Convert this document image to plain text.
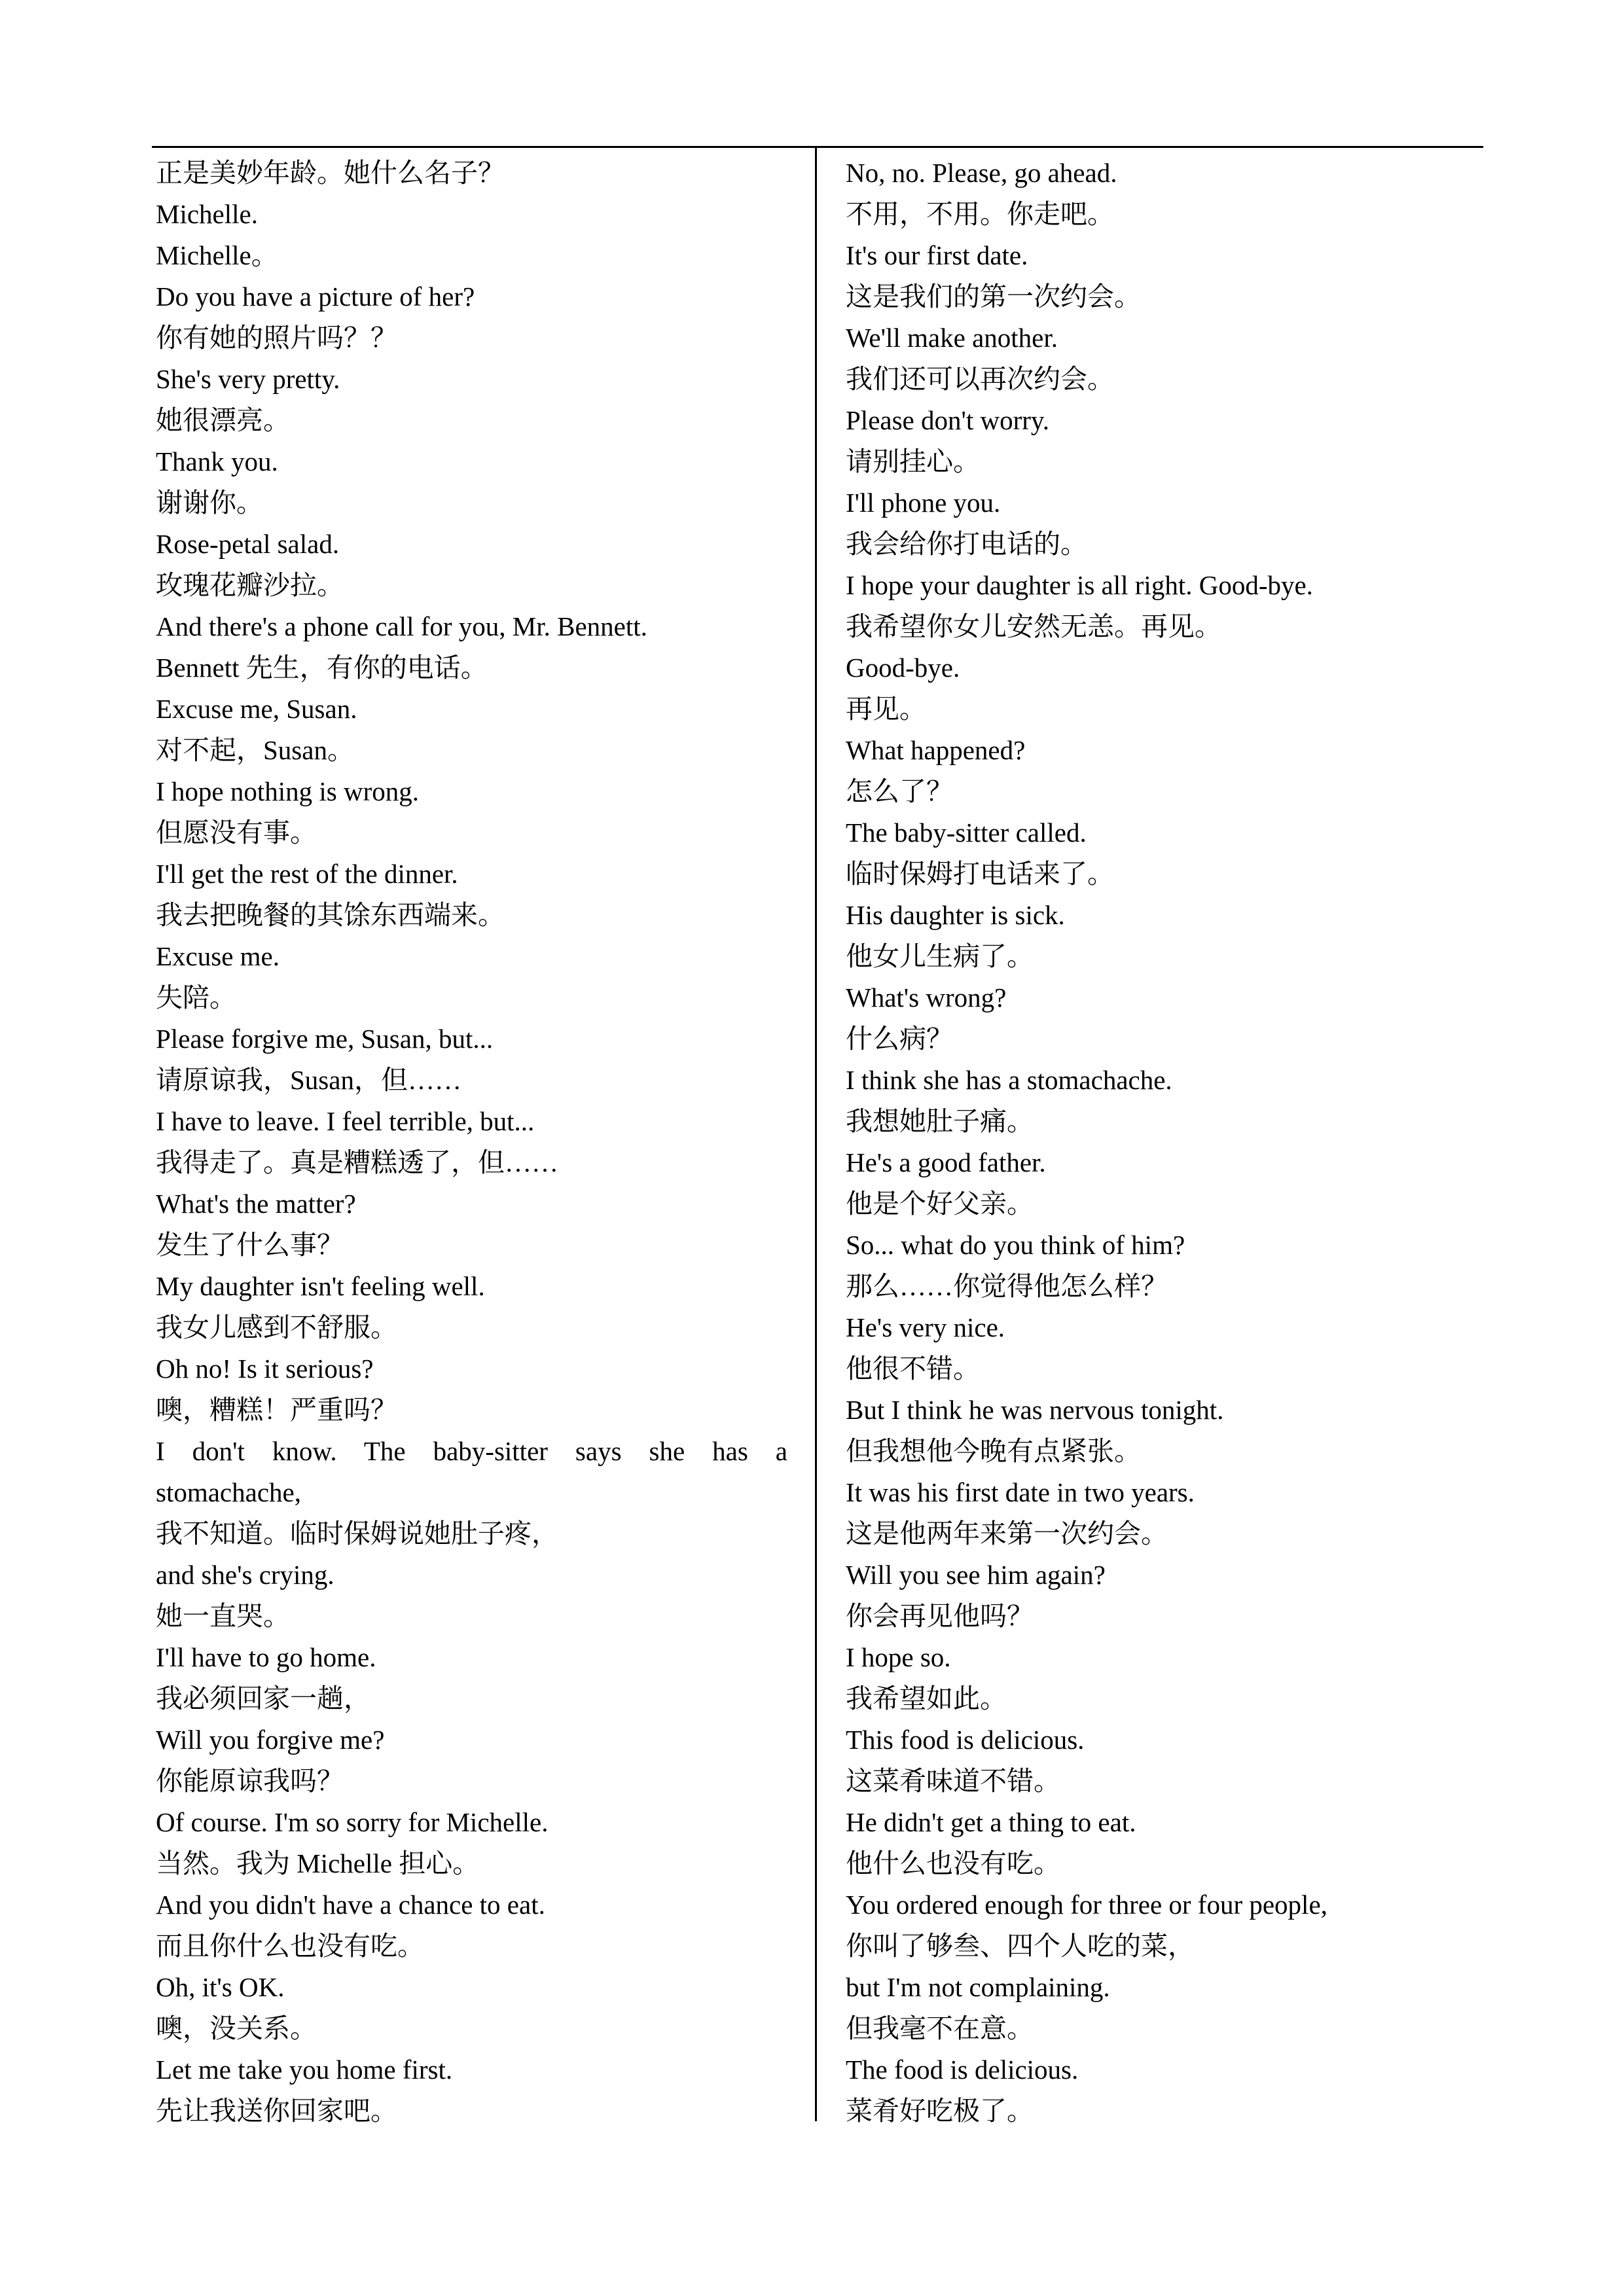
正是美妙年龄。她什么名子？
Michelle.
Michelle。
Do you have a picture of her?
你有她的照片吗？？
She's very pretty.
她很漂亮。
Thank you.
谢谢你。
Rose-petal salad.
玫瑰花瓣沙拉。
And there's a phone call for you, Mr. Bennett.
Bennett 先生，有你的电话。
Excuse me, Susan.
对不起，Susan。
I hope nothing is wrong.
但愿没有事。
I'll get the rest of the dinner.
我去把晚餐的其馀东西端来。
Excuse me.
失陪。
Please forgive me, Susan, but...
请原谅我，Susan，但……
I have to leave. I feel terrible, but...
我得走了。真是糟糕透了，但……
What's the matter?
发生了什么事？
My daughter isn't feeling well.
我女儿感到不舒服。
Oh no! Is it serious?
噢，糟糕！严重吗？
I don't know. The baby-sitter says she has a
stomachache,
我不知道。临时保姆说她肚子疼，
and she's crying.
她一直哭。
I'll have to go home.
我必须回家一趟，
Will you forgive me?
你能原谅我吗？
Of course. I'm so sorry for Michelle.
当然。我为 Michelle 担心。
And you didn't have a chance to eat.
而且你什么也没有吃。
Oh, it's OK.
噢，没关系。
Let me take you home first.
先让我送你回家吧。
No, no. Please, go ahead.
不用，不用。你走吧。
It's our first date.
这是我们的第一次约会。
We'll make another.
我们还可以再次约会。
Please don't worry.
请别挂心。
I'll phone you.
我会给你打电话的。
I hope your daughter is all right. Good-bye.
我希望你女儿安然无恙。再见。
Good-bye.
再见。
What happened?
怎么了？
The baby-sitter called.
临时保姆打电话来了。
His daughter is sick.
他女儿生病了。
What's wrong?
什么病？
I think she has a stomachache.
我想她肚子痛。
He's a good father.
他是个好父亲。
So... what do you think of him?
那么……你觉得他怎么样？
He's very nice.
他很不错。
But I think he was nervous tonight.
但我想他今晚有点紧张。
It was his first date in two years.
这是他两年来第一次约会。
Will you see him again?
你会再见他吗？
I hope so.
我希望如此。
This food is delicious.
这菜肴味道不错。
He didn't get a thing to eat.
他什么也没有吃。
You ordered enough for three or four people,
你叫了够叁、四个人吃的菜，
but I'm not complaining.
但我毫不在意。
The food is delicious.
菜肴好吃极了。
